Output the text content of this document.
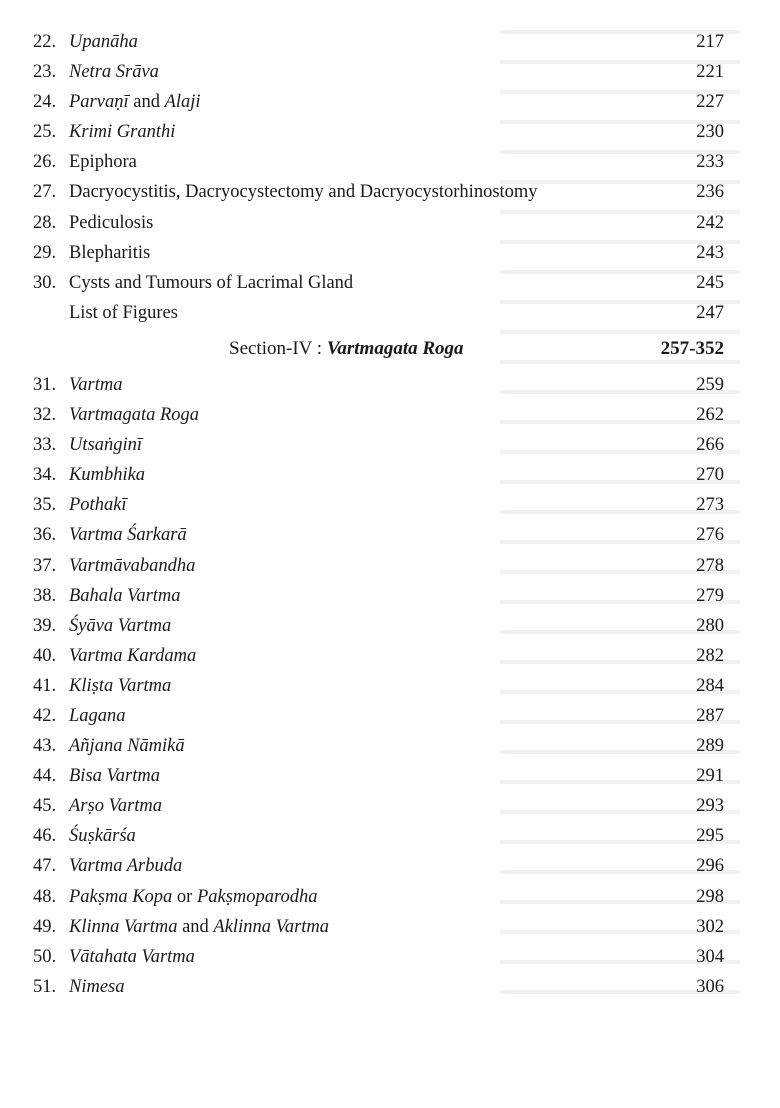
22. Upanāha	217
23. Netra Srāva	221
24. Parvaṇī and Alaji	227
25. Krimi Granthi	230
26. Epiphora	233
27. Dacryocystitis, Dacryocystectomy and Dacryocystorhinostomy	236
28. Pediculosis	242
29. Blepharitis	243
30. Cysts and Tumours of Lacrimal Gland	245
List of Figures	247
Section-IV : Vartmagata Roga	257-352
31. Vartma	259
32. Vartmagata Roga	262
33. Utsaṅginī	266
34. Kumbhika	270
35. Pothakī	273
36. Vartma Śarkarā	276
37. Vartmāvabandha	278
38. Bahala Vartma	279
39. Śyāva Vartma	280
40. Vartma Kardama	282
41. Kliṣta Vartma	284
42. Lagana	287
43. Añjana Nāmikā	289
44. Bisa Vartma	291
45. Arṣo Vartma	293
46. Śuṣkārśa	295
47. Vartma Arbuda	296
48. Pakṣma Kopa or Pakṣmoparodha	298
49. Klinna Vartma and Aklinna Vartma	302
50. Vātahata Vartma	304
51. Nimesa	306
